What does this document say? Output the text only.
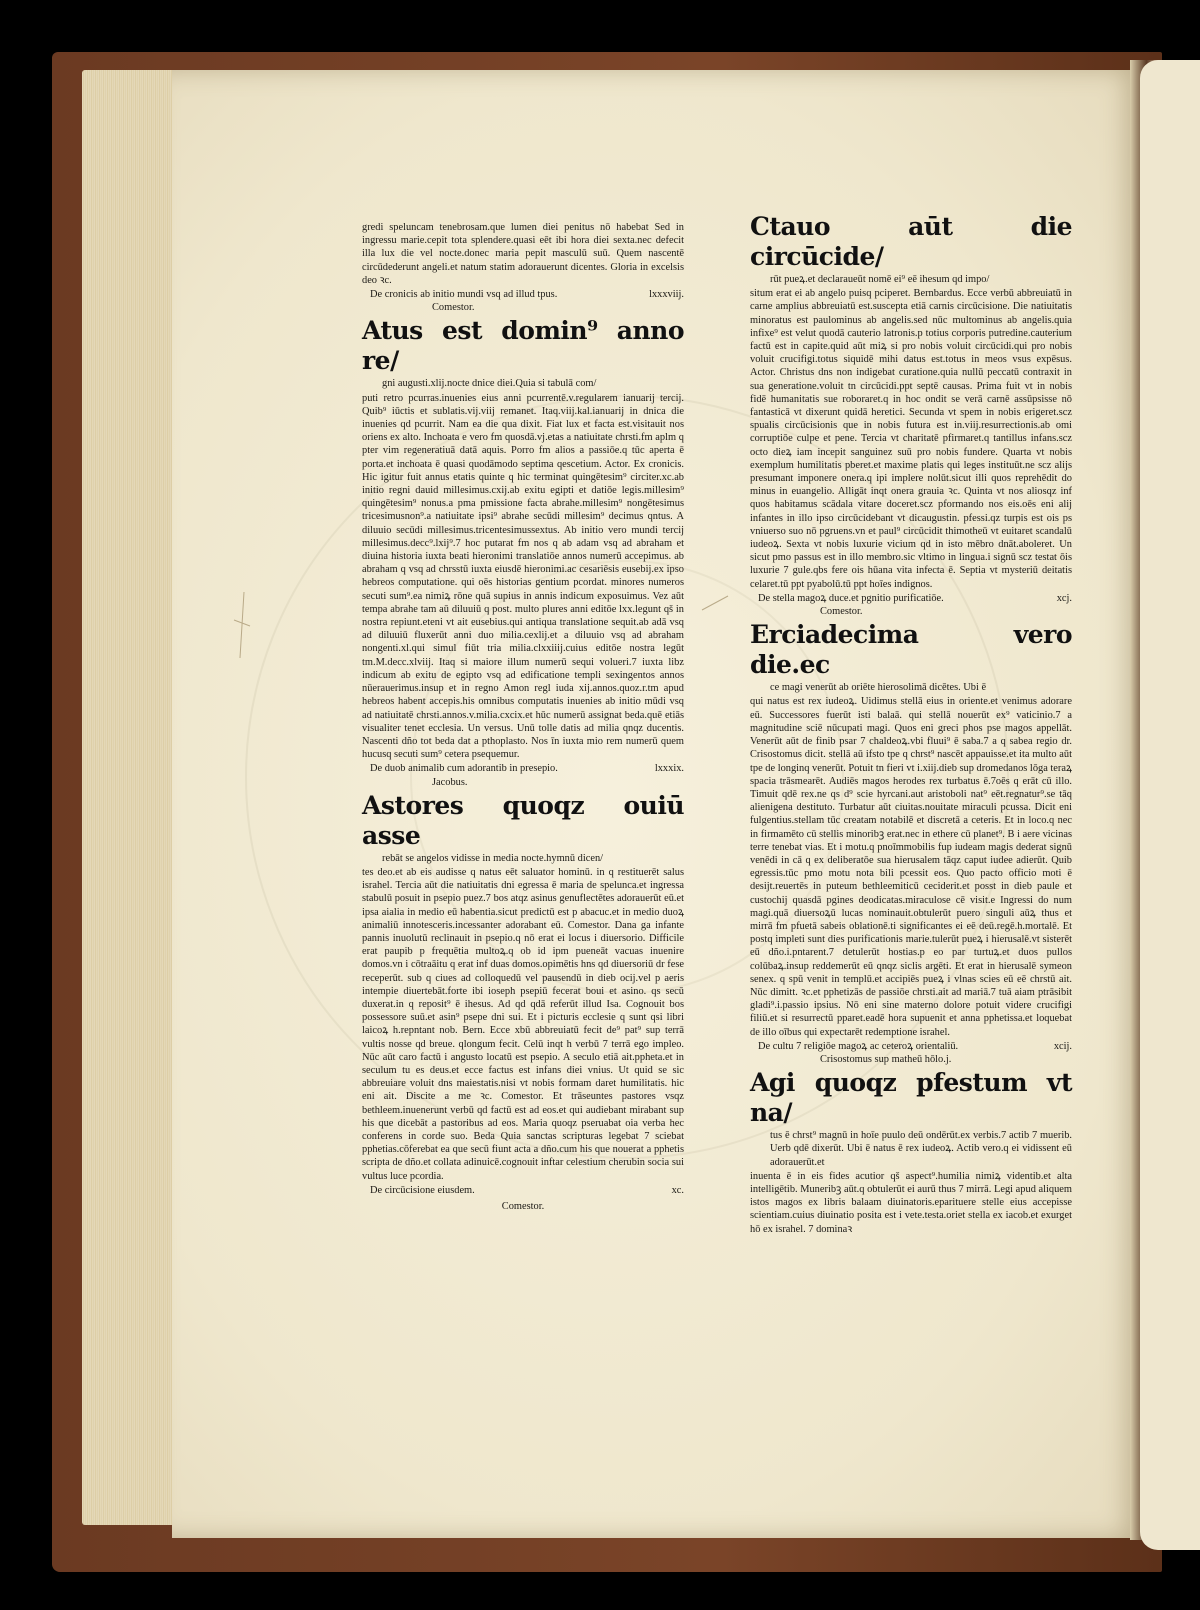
gredi speluncam tenebrosam.que lumen diei penitus nō habebat Sed in ingressu marie.cepit tota splendere.quasi eēt ibi hora diei sexta.nec defecit illa lux die vel nocte.donec maria pepit masculū suū. Quem nascentē circūdederunt angeli.et natum statim adorauerunt dicentes. Gloria in excelsis deo ꝛc.
De cronicis ab initio mundi vsq ad illud tpus.	lxxxviij.
Comestor.
Atus est domin⁹ anno re/
gni augusti.xlij.nocte dnice diei.Quia si tabulā com/
puti retro pcurras.inuenies eius anni pcurrentē.v.regularem ianuarij tercij. Quib⁹ iūctis et sublatis.vij.viij remanet. Itaq.viij.kal.ianuarij in dnica die inuenies qd pcurrit. Nam ea die qua dixit. Fiat lux et facta est.visitauit nos oriens ex alto. Inchoata e vero fm quosdā.vj.etas a natiuitate chrsti.fm aplm q pter vim regeneratiuā datā aquis. Porro fm alios a passiōe.q tūc aperta ē porta.et inchoata ē quasi quodāmodo septima qescetium. Actor. Ex cronicis. Hic igitur fuit annus etatis quinte q hic terminat quingētesim⁹ circiter.xc.ab initio regni dauid millesimus.cxij.ab exitu egipti et datiōe legis.millesim⁹ quingētesim⁹ nonus.a pma pmissione facta abrahe.millesim⁹ nongētesimus tricesimusnon⁹.a natiuitate ipsi⁹ abrahe secūdi millesim⁹ decimus qntus. A diluuio secūdi millesimus.tricentesimussextus. Ab initio vero mundi tercij millesimus.decc⁹.lxij⁹.7 hoc putarat fm nos q ab adam vsq ad abraham et diuina historia iuxta beati hieronimi translatiōe annos numerū accepimus. ab abraham q vsq ad chrsstū iuxta eiusdē hieronimi.ac cesariēsis eusebij.ex ipso hebreos computatione. qui oēs historias gentium pcordat. minores numeros secuti sum⁹.ea nimiꝝ rōne quā supius in annis indicum exposuimus. Vez aūt tempa abrahe tam aū diluuiū q post. multo plures anni editōe lxx.legunt qš in nostra repiunt.eteni vt ait eusebius.qui antiqua translatione sequit.ab adā vsq ad diluuiū fluxerūt anni duo milia.cexlij.et a diluuio vsq ad abraham nongenti.xl.qui simul fiūt tria milia.clxxiiij.cuius editōe nostra legūt tm.M.decc.xlviij. Itaq si maiore illum numerū sequi volueri.7 iuxta libz indicum ab exitu de egipto vsq ad edificatione templi sexingentos annos nūerauerimus.insup et in regno Amon regl iuda xij.annos.quoz.r.tm apud hebreos habent accepis.his omnibus computatis inuenies ab initio mūdi vsq ad natiuitatē chrsti.annos.v.milia.cxcix.et hūc numerū assignat beda.quē etiās visualiter tenet ecclesia. Un versus. Unū tolle datis ad milia qnqz ducentis. Nascenti dño tot beda dat a pthoplasto. Nos īn iuxta mio rem numerū quem hucusq secuti sum⁹ cetera psequemur.
De duob animalib cum adorantib in presepio.	lxxxix.
Jacobus.
Astores quoqz ouiū asse
rebāt se angelos vidisse in media nocte.hymnū dicen/
tes deo.et ab eis audisse q natus eēt saluator hominū. in q restituerēt salus israhel. Tercia aūt die natiuitatis dni egressa ē maria de spelunca.et ingressa stabulū posuit in psepio puez.7 bos atqz asinus genuflectētes adorauerūt eū.et ipsa aialia in medio eū habentia.sicut predictū est p abacuc.et in medio duoꝝ animaliū innotesceris.incessanter adorabant eū. Comestor. Dana ga infante pannis inuolutū reclinauit in psepio.q nō erat ei locus i diuersorio. Difficile erat paupib p frequētia multoꝝ.q ob id ipm pueneāt vacuas inuenire domos.vn i cōtraāitu q erat inf duas domos.opimētis hns qd diuersoriū dr fese receperūt. sub q ciues ad colloquedū vel pausendū in dieb ocij.vel p aeris intempie diuertebāt.forte ibi ioseph psepiū fecerat boui et asino. qs secū duxerat.in q reposit⁹ ē ihesus. Ad qd qdā referūt illud Isa. Cognouit bos possessore suū.et asin⁹ psepe dni sui. Et i picturis ecclesie q sunt qsi libri laicoꝝ h.repntant nob. Bern. Ecce xbū abbreuiatū fecit de⁹ pat⁹ sup terrā vultis nosse qd breue. qlongum fecit. Celū inqt h verbū 7 terrā ego impleo. Nūc aūt caro factū i angusto locatū est psepio. A seculo etiā ait.ppheta.et in seculum tu es deus.et ecce factus est infans diei vnius. Ut quid se sic abbreuiare voluit dns maiestatis.nisi vt nobis formam daret humilitatis. hic eni ait. Discite a me ꝛc. Comestor. Et trāseuntes pastores vsqz bethleem.inuenerunt verbū qd factū est ad eos.et qui audiebant mirabant sup his que dicebāt a pastoribus ad eos. Maria quoqz pseruabat oia verba hec conferens in corde suo. Beda Quia sanctas scripturas legebat 7 sciebat pphetias.cōferebat ea que secū fiunt acta a dño.cum his que nouerat a pphetis scripta de dño.et collata adinuicē.cognouit inftar celestium cherubin socia sui vultus luce pcordia.
De circūcisione eiusdem.	xc.
Comestor.
Ctauo aūt die circūcide/
rūt pueꝝ.et declaraueūt nomē ei⁹ eē ihesum qd impo/
situm erat ei ab angelo puisq pciperet. Bernbardus. Ecce verbū abbreuiatū in carne amplius abbreuiatū est.suscepta etiā carnis circūcisione. Die natiuitatis minoratus est paulominus ab angelis.sed nūc multominus ab angelis.quia infixe⁹ est velut quodā cauterio latronis.p totius corporis putredine.cauterium factū est in capite.quid aūt miꝝ si pro nobis voluit circūcidi.qui pro nobis voluit crucifigi.totus siquidē mihi datus est.totus in meos vsus expēsus. Actor. Christus dns non indigebat curatione.quia nullū peccatū contraxit in sua generatione.voluit tn circūcidi.ppt septē causas. Prima fuit vt in nobis fidē humanitatis sue roboraret.q in hoc ondit se verā carnē assūpsisse nō fantasticā vt dixerunt quidā heretici. Secunda vt spem in nobis erigeret.scz spualis circūcisionis que in nobis futura est in.viij.resurrectionis.ab omi corruptiōe culpe et pene. Tercia vt charitatē pfirmaret.q tantillus infans.scz octo dieꝝ iam incepit sanguinez suū pro nobis fundere. Quarta vt nobis exemplum humilitatis pberet.et maxime platis qui leges instituūt.ne scz alijs presumant imponere onera.q ipi implere nolūt.sicut illi quos reprehēdit do minus in euangelio. Alligāt inqt onera grauia ꝛc. Quinta vt nos aliosqz inf quos habitamus scādala vitare doceret.scz pformando nos eis.oēs eni alij infantes in illo ipso circūcidebant vt dicaugustin. pfessi.qz turpis est ois ps vniuerso suo nō pgruens.vn et paul⁹ circūcidit thimotheū vt euitaret scandalū iudeoꝝ. Sexta vt nobis luxurie vicium qd in isto mēbro dnāt.aboleret. Un sicut pmo passus est in illo membro.sic vltimo in lingua.i signū scz testat ōis luxurie 7 gule.qbs fere ois hūana vita infecta ē. Septia vt mysteriū deitatis celaret.tū ppt pyabolū.tū ppt hoīes indignos.
De stella magoꝝ duce.et pgnitio purificatiōe.	xcj.
Comestor.
Erciadecima vero die.ec
ce magi venerūt ab oriēte hierosolimā dicētes. Ubi ē
qui natus est rex iudeoꝝ. Uidimus stellā eius in oriente.et venimus adorare eū. Successores fuerūt isti balaā. qui stellā nouerūt ex⁹ vaticinio.7 a magnitudine sciē nūcupati magi. Quos eni greci phos pse magos appellāt. Venerūt aūt de finib psar 7 chaldeoꝝ.vbi fluui⁹ ē saba.7 a q sabea regio dr. Crisostomus dicit. stellā aū ifsto tpe q chrst⁹ nascēt appauisse.et ita multo aūt tpe de longinq venerūt. Potuit tn fieri vt i.xiij.dieb sup dromedanos lōga teraꝝ spacia trāsmearēt. Audiēs magos herodes rex turbatus ē.7oēs q erāt cū illo. Timuit qdē rex.ne qs d⁹ scie hyrcani.aut aristoboli nat⁹ eēt.regnatur⁹.se tāq alienigena destituto. Turbatur aūt ciuitas.nouitate miraculi pcussa. Dicit eni fulgentius.stellam tūc creatam notabilē et discretā a ceteris. Et in loco.q nec in firmamēto cū stellis minoribꝫ erat.nec in ethere cū planet⁹. B i aere vicinas terre tenebat vias. Et i motu.q pnoīmmobilis fup iudeam magis dederat signū venēdi in cā q ex deliberatōe sua hierusalem tāqz caput iudee adierūt. Quib egressis.tūc pmo motu nota bili pcessit eos. Quo pacto officio moti ē desijt.reuertēs in puteum bethleemiticū ceciderit.et posst in dieb paule et custochij quasdā pgines deodicatas.miraculose cē visit.e Ingressi do num magi.quā diuersoꝝū lucas nominauit.obtulerūt puero singuli aūꝝ thus et mirrā fm pfuetā sabeis oblationē.ti significantes ei eē deū.regē.h.mortalē. Et postq impleti sunt dies purificationis marie.tulerūt pueꝝ i hierusalē.vt sisterēt eū dño.i.pntarent.7 detulerūt hostias.p eo par turtuꝝ.et duos pullos colūbaꝝ.insup reddemerūt eū qnqz siclis argēti. Et erat in hierusalē symeon senex. q spū venit in templū.et accipiēs pueꝝ i vlnas scies eū eē chrstū ait. Nūc dimitt. ꝛc.et pphetizās de passiōe chrsti.ait ad mariā.7 tuā aiam ptrāsibit gladi⁹.i.passio ipsius. Nō eni sine materno dolore potuit videre crucifigi filiū.et si resurrectū pparet.eadē hora supuenit et anna pphetissa.et loquebat de illo oībus qui expectarēt redemptione israhel.
De cultu 7 religiōe magoꝝ ac ceteroꝝ orientaliū.	xcij.
Crisostomus sup matheū hōlo.j.
Agi quoqz pfestum vt na/
tus ē chrst⁹ magnū in hoīe puulo deū ondērūt.ex verbis.7 actib 7 muerib. Uerb qdē dixerūt. Ubi ē natus ē rex iudeoꝝ. Actib vero.q ei vidissent eū adorauerūt.et
inuenta ē in eis fides acutior qš aspect⁹.humilia nimiꝝ videntib.et alta intelligētib. Muneribꝫ aūt.q obtulerūt ei aurū thus 7 mirrā. Legi apud aliquem istos magos ex libris balaam diuinatoris.eparituere stelle eius accepisse scientiam.cuius diuinatio posita est i vete.testa.oriet stella ex iacob.et exurget hō ex israhel. 7 dominaꝛ
